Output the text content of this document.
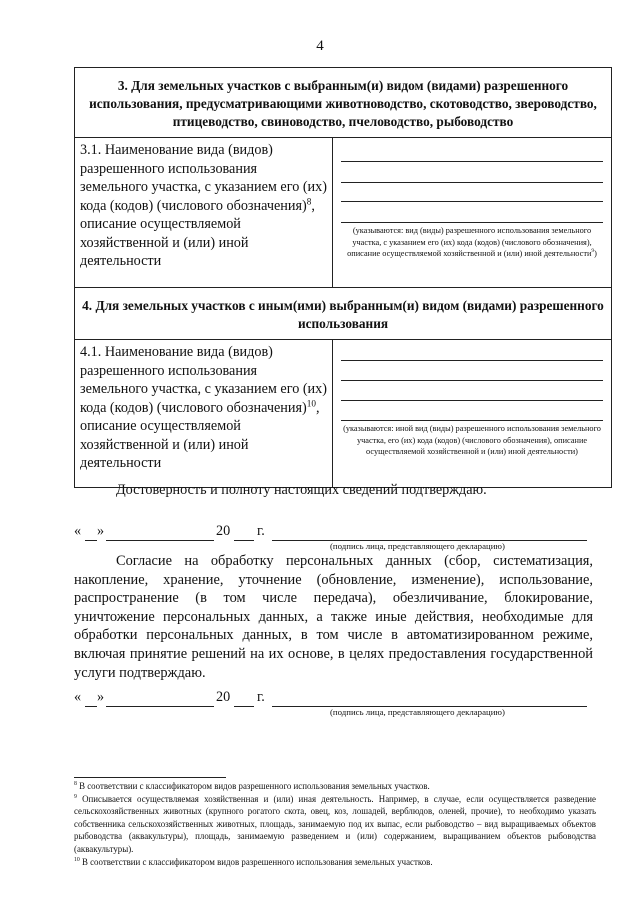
4
3. Для земельных участков с выбранным(и) видом (видами) разрешенного использования, предусматривающими животноводство, скотоводство, звероводство, птицеводство, свиноводство, пчеловодство, рыбоводство	
3.1. Наименование вида (видов) разрешенного использования земельного участка, с указанием его (их) кода (кодов) (числового обозначения)$^8$, описание осуществляемой хозяйственной и (или) иной деятельности	(указываются: вид (виды) разрешенного использования земельного участка, с указанием его (их) кода (кодов) (числового обозначения), описание осуществляемой хозяйственной и (или) иной деятельности$^9$)

4. Для земельных участков с иным(ими) выбранным(и) видом (видами) разрешенного использования	
4.1. Наименование вида (видов) разрешенного использования земельного участка, с указанием его (их) кода (кодов) (числового обозначения)$^{10}$, описание осуществляемой хозяйственной и (или) иной деятельности	(указываются: иной вид (виды) разрешенного использования земельного участка, его (их) кода (кодов) (числового обозначения), описание осуществляемой хозяйственной и (или) иной деятельности)
Достоверность и полноту настоящих сведений подтверждаю.
« »	20 г.
(подпись лица, представляющего декларацию)
Согласие на обработку персональных данных (сбор, систематизация, накопление, хранение, уточнение (обновление, изменение), использование, распространение (в том числе передача), обезличивание, блокирование, уничтожение персональных данных, а также иные действия, необходимые для обработки персональных данных, в том числе в автоматизированном режиме, включая принятие решений на их основе, в целях предоставления государственной услуги подтверждаю.
« »	20 г.
(подпись лица, представляющего декларацию)
$^8$ В соответствии с классификатором видов разрешенного использования земельных участков.
$^9$ Описывается осуществляемая хозяйственная и (или) иная деятельность. Например, в случае, если осуществляется разведение сельскохозяйственных животных (крупного рогатого скота, овец, коз, лошадей, верблюдов, оленей, прочие), то необходимо указать собственника сельскохозяйственных животных, площадь, занимаемую под их выпас, если рыбоводство – вид выращиваемых объектов рыбоводства (аквакультуры), площадь, занимаемую разведением и (или) содержанием, выращиванием объектов рыбоводства (аквакультуры).
$^{10}$ В соответствии с классификатором видов разрешенного использования земельных участков.
